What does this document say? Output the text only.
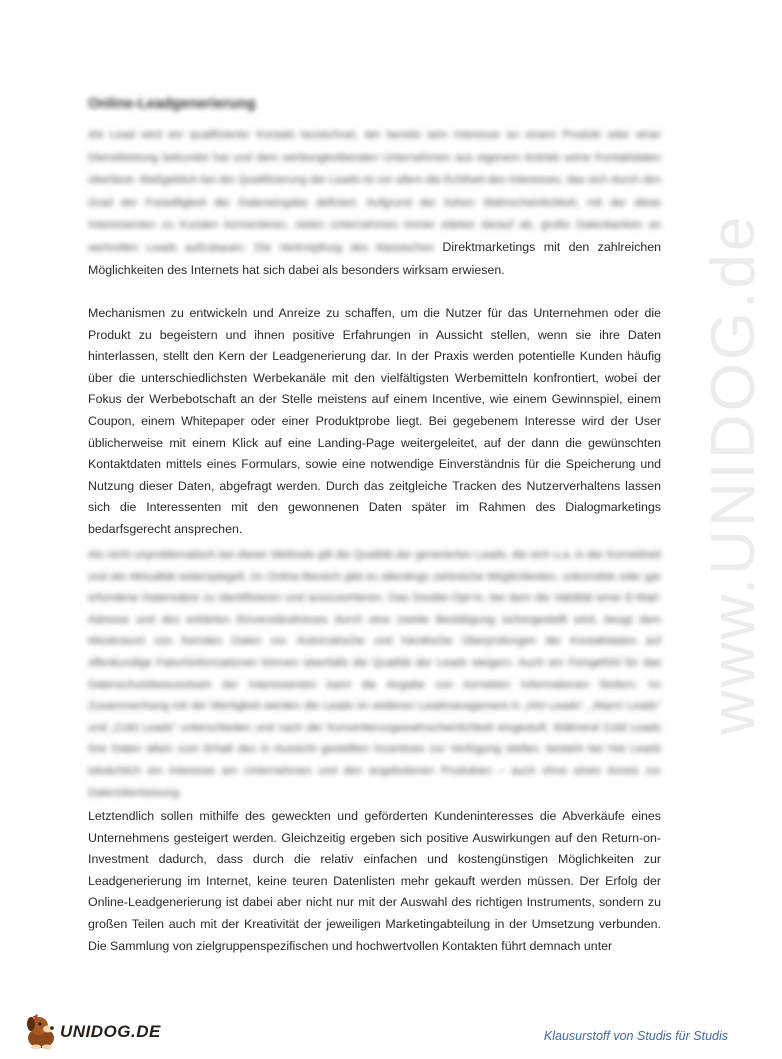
Online-Leadgenerierung

Als Lead wird ein qualifizierter Kontakt bezeichnet, der bereits sein Interesse an einem Produkt oder einer Dienstleistung bekundet hat und dem werbungtreibenden Unternehmen aus eigenem Antrieb seine Kontaktdaten überlässt. Maßgeblich bei der Qualifizierung der Leads ist vor allem die Echtheit des Interesses, das sich durch den Grad der Freiwilligkeit der Dateneingabe definiert. Aufgrund der hohen Wahrscheinlichkeit, mit der diese Interessenten zu Kunden konvertieren, zielen Unternehmen immer stärker darauf ab, große Datenbanken an wertvollen Leads aufzubauen. Die Verknüpfung des klassischen Direktmarketings mit den zahlreichen Möglichkeiten des Internets hat sich dabei als besonders wirksam erwiesen.

Mechanismen zu entwickeln und Anreize zu schaffen, um die Nutzer für das Unternehmen oder die Produkt zu begeistern und ihnen positive Erfahrungen in Aussicht stellen, wenn sie ihre Daten hinterlassen, stellt den Kern der Leadgenerierung dar. In der Praxis werden potentielle Kunden häufig über die unterschiedlichsten Werbekanäle mit den vielfältigsten Werbemitteln konfrontiert, wobei der Fokus der Werbebotschaft an der Stelle meistens auf einem Incentive, wie einem Gewinnspiel, einem Coupon, einem Whitepaper oder einer Produktprobe liegt. Bei gegebenem Interesse wird der User üblicherweise mit einem Klick auf eine Landing-Page weitergeleitet, auf der dann die gewünschten Kontaktdaten mittels eines Formulars, sowie eine notwendige Einverständnis für die Speicherung und Nutzung dieser Daten, abgefragt werden. Durch das zeitgleiche Tracken des Nutzerverhaltens lassen sich die Interessenten mit den gewonnenen Daten später im Rahmen des Dialogmarketings bedarfsgerecht ansprechen.

Als nicht unproblematisch bei dieser Methode gilt die Qualität der generierten Leads, die sich u.a. in der Korrektheit und der Aktualität widerspiegelt. Im Online-Bereich gibt es allerdings zahlreiche Möglichkeiten, unkorrekte oder gar erfundene Datensätze zu identifizieren und auszusortieren. Das Double-Opt-In, bei dem die Validität einer E-Mail-Adresse und des erklärten Einverständnisses durch eine zweite Bestätigung sichergestellt wird, beugt dem Missbrauch von fremden Daten vor. Automatische und händische Überprüfungen der Kontaktdaten auf offenkundige Falschinformationen können ebenfalls die Qualität der Leads steigern. Auch ein Feingefühl für das Datenschutzbewusstsein der Interessenten kann die Angabe von korrekten Informationen fördern. Im Zusammenhang mit der Wertigkeit werden die Leads im weiteren Leadmanagement in „Hot Leads", „Warm Leads" und „Cold Leads" unterschieden und nach der Konvertierungswahrscheinlichkeit eingestuft. Während Cold Leads ihre Daten allein zum Erhalt des in Aussicht gestellten Incentives zur Verfügung stellen, besteht bei Hot Leads tatsächlich ein Interesse am Unternehmen und den angebotenen Produkten – auch ohne einen Anreiz zur Datenüberlassung.

Letztendlich sollen mithilfe des geweckten und geförderten Kundeninteresses die Abverkäufe eines Unternehmens gesteigert werden. Gleichzeitig ergeben sich positive Auswirkungen auf den Return-on-Investment dadurch, dass durch die relativ einfachen und kostengünstigen Möglichkeiten zur Leadgenerierung im Internet, keine teuren Datenlisten mehr gekauft werden müssen. Der Erfolg der Online-Leadgenerierung ist dabei aber nicht nur mit der Auswahl des richtigen Instruments, sondern zu großen Teilen auch mit der Kreativität der jeweiligen Marketingabteilung in der Umsetzung verbunden. Die Sammlung von zielgruppenspezifischen und hochwertvollen Kontakten führt demnach unter

www.UNIDOG.de
UNIDOG.DE	Klausurstoff von Studis für Studis
